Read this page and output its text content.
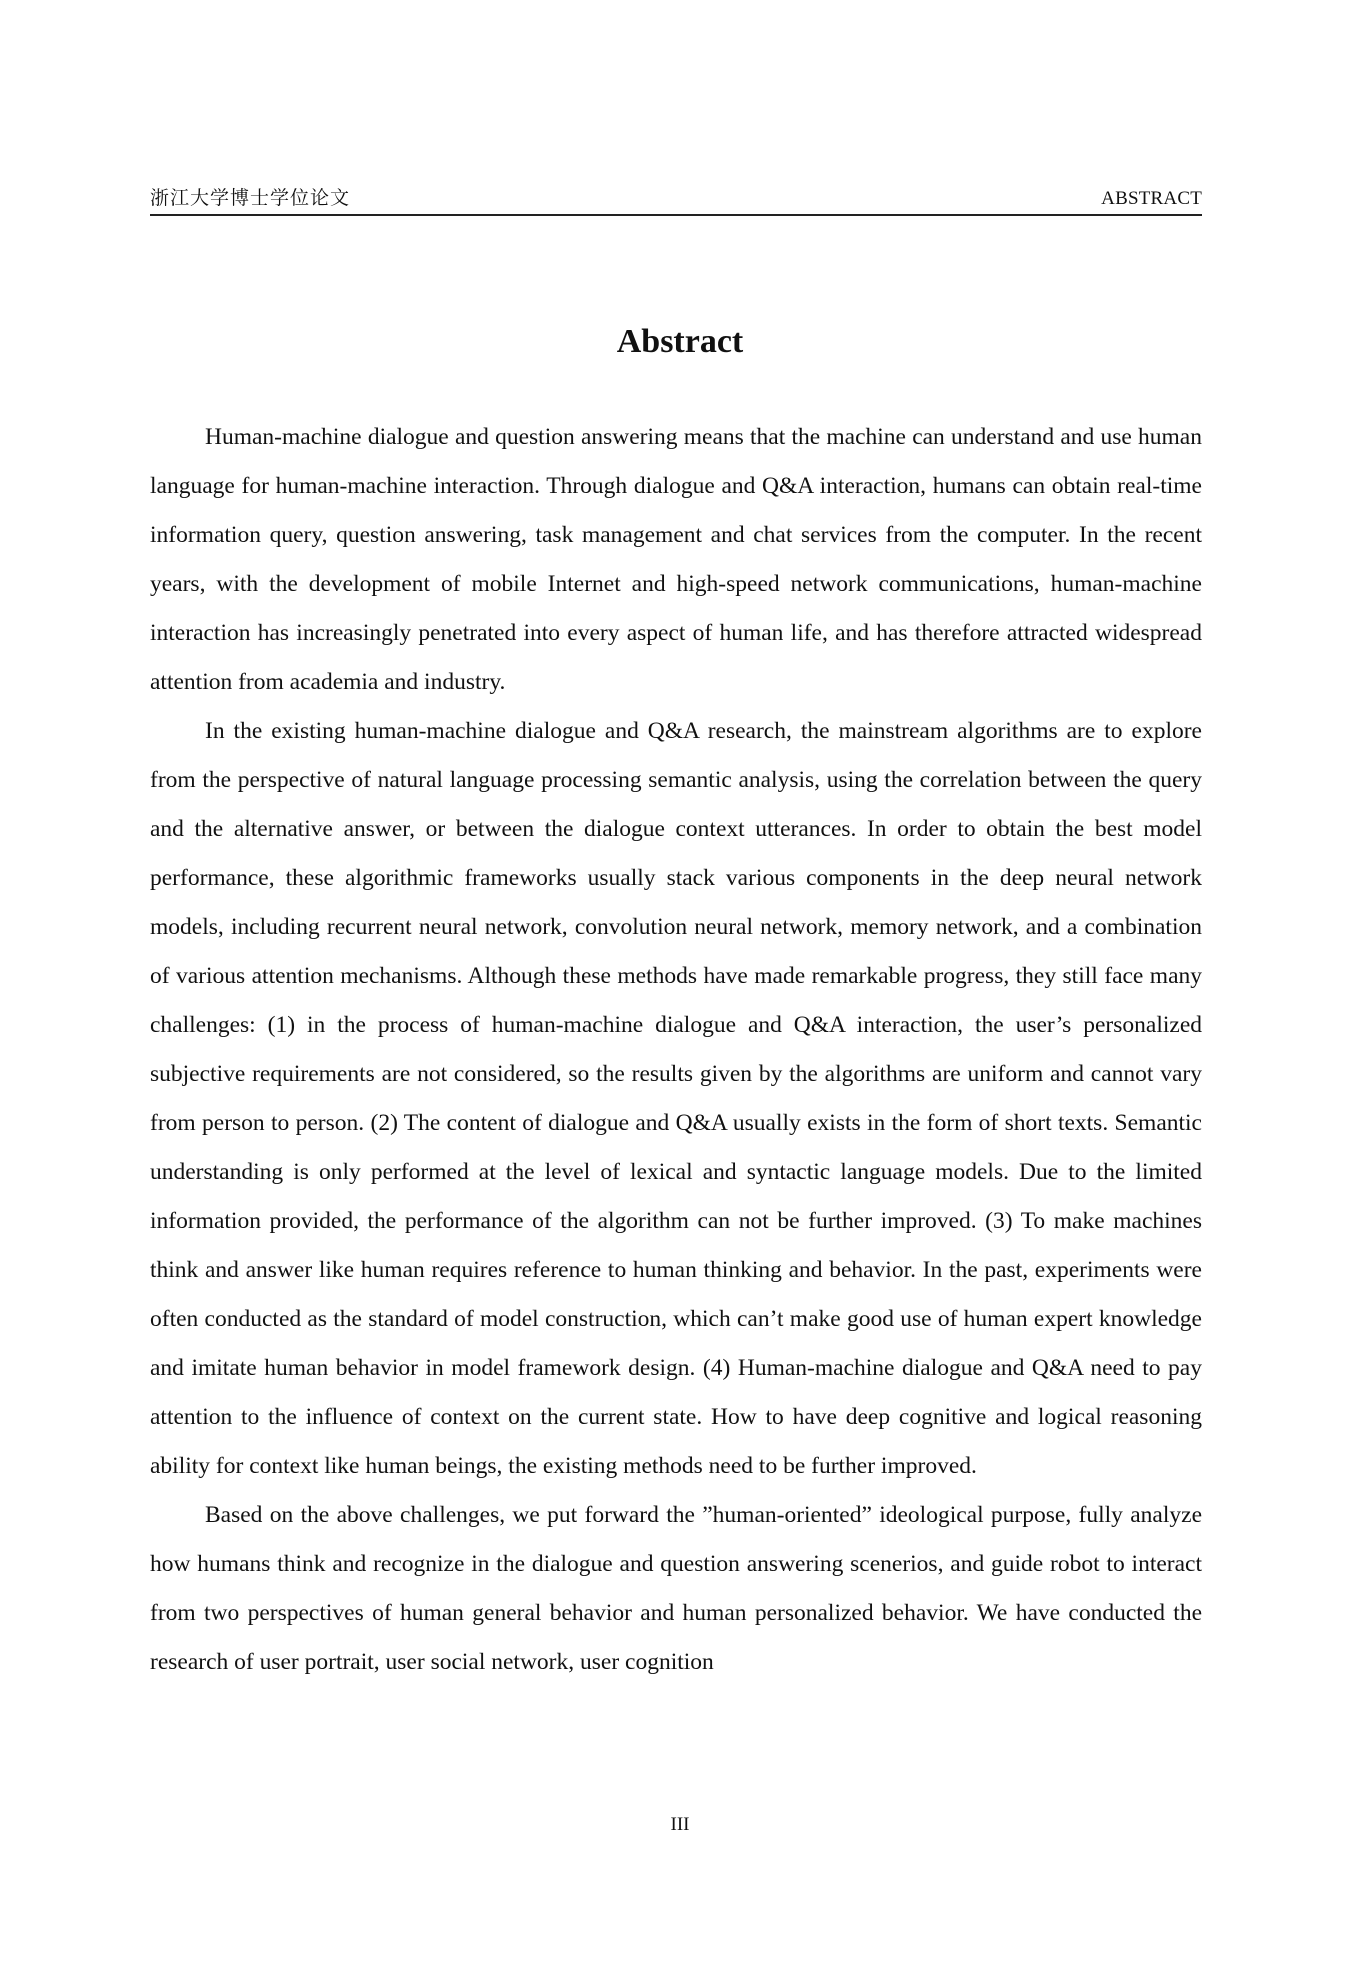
浙江大学博士学位论文	ABSTRACT
Abstract

Human-machine dialogue and question answering means that the machine can understand and use human language for human-machine interaction. Through dialogue and Q&A interaction, humans can obtain real-time information query, question answering, task management and chat services from the computer. In the recent years, with the development of mobile Internet and high-speed network communications, human-machine interaction has increasingly penetrated into every aspect of human life, and has therefore attracted widespread attention from academia and industry.

In the existing human-machine dialogue and Q&A research, the mainstream algorithms are to explore from the perspective of natural language processing semantic analysis, using the correlation between the query and the alternative answer, or between the dialogue context utterances. In order to obtain the best model performance, these algorithmic frameworks usually stack various components in the deep neural network models, including recurrent neural network, convolution neural network, memory network, and a combination of various attention mechanisms. Although these methods have made remarkable progress, they still face many challenges: (1) in the process of human-machine dialogue and Q&A interaction, the user’s personalized subjective requirements are not considered, so the results given by the algorithms are uniform and cannot vary from person to person. (2) The content of dialogue and Q&A usually exists in the form of short texts. Semantic understanding is only performed at the level of lexical and syntactic language models. Due to the limited information provided, the performance of the algorithm can not be further improved. (3) To make machines think and answer like human requires reference to human thinking and behavior. In the past, experiments were often conducted as the standard of model construction, which can’t make good use of human expert knowledge and imitate human behavior in model framework design. (4) Human-machine dialogue and Q&A need to pay attention to the influence of context on the current state. How to have deep cognitive and logical reasoning ability for context like human beings, the existing methods need to be further improved.

Based on the above challenges, we put forward the ”human-oriented” ideological purpose, fully analyze how humans think and recognize in the dialogue and question answering scenerios, and guide robot to interact from two perspectives of human general behavior and human personalized behavior. We have conducted the research of user portrait, user social network, user cognition

III
